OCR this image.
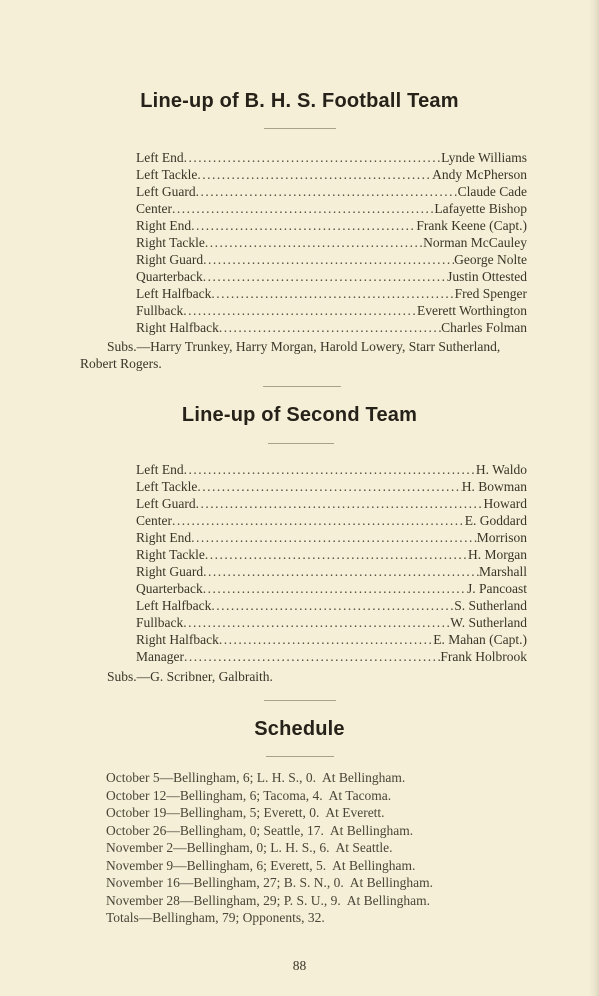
Line-up of B. H. S. Football Team
Left End .....	Lynde Williams
Left Tackle .....	Andy McPherson
Left Guard .....	Claude Cade
Center .....	Lafayette Bishop
Right End .....	Frank Keene (Capt.)
Right Tackle .....	Norman McCauley
Right Guard .....	George Nolte
Quarterback .....	Justin Ottested
Left Halfback .....	Fred Spenger
Fullback .....	Everett Worthington
Right Halfback .....	Charles Folman
Subs.—Harry Trunkey, Harry Morgan, Harold Lowery, Starr Sutherland,
Robert Rogers.
Line-up of Second Team
Left End .....	H. Waldo
Left Tackle .....	H. Bowman
Left Guard .....	Howard
Center .....	E. Goddard
Right End .....	Morrison
Right Tackle .....	H. Morgan
Right Guard .....	Marshall
Quarterback .....	J. Pancoast
Left Halfback .....	S. Sutherland
Fullback .....	W. Sutherland
Right Halfback .....	E. Mahan (Capt.)
Manager .....	Frank Holbrook
Subs.—G. Scribner, Galbraith.
Schedule
October 5—Bellingham, 6; L. H. S., 0.  At Bellingham.
October 12—Bellingham, 6; Tacoma, 4.  At Tacoma.
October 19—Bellingham, 5; Everett, 0.  At Everett.
October 26—Bellingham, 0; Seattle, 17.  At Bellingham.
November 2—Bellingham, 0; L. H. S., 6.  At Seattle.
November 9—Bellingham, 6; Everett, 5.  At Bellingham.
November 16—Bellingham, 27; B. S. N., 0.  At Bellingham.
November 28—Bellingham, 29; P. S. U., 9.  At Bellingham.
Totals—Bellingham, 79; Opponents, 32.
88
